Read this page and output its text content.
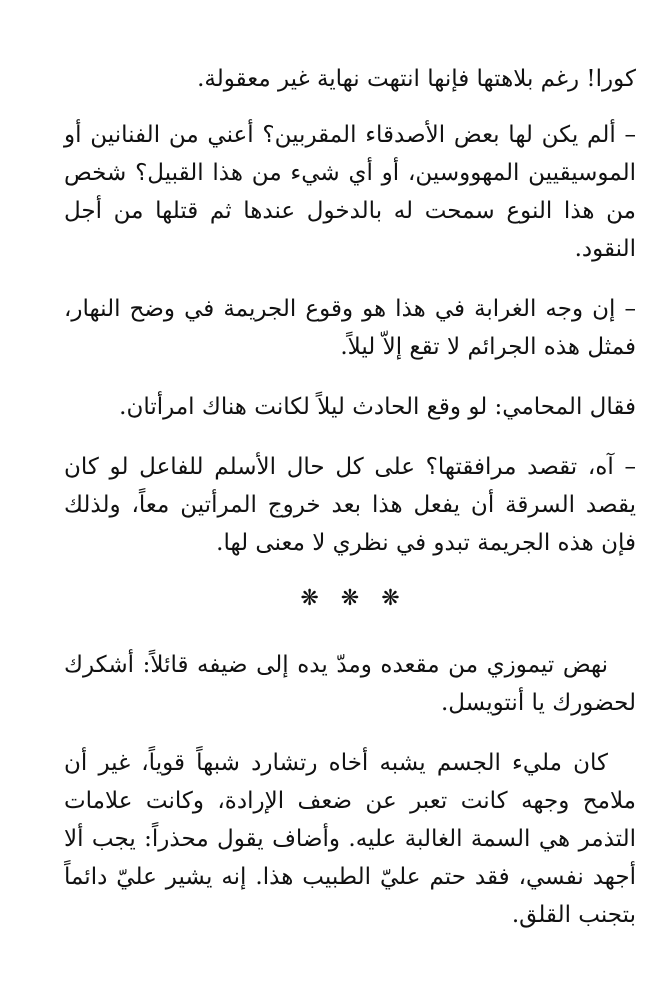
كورا! رغم بلاهتها فإنها انتهت نهاية غير معقولة.

– ألم يكن لها بعض الأصدقاء المقربين؟ أعني من الفنانين أو الموسيقيين المهووسين، أو أي شيء من هذا القبيل؟ شخص من هذا النوع سمحت له بالدخول عندها ثم قتلها من أجل النقود.

– إن وجه الغرابة في هذا هو وقوع الجريمة في وضح النهار، فمثل هذه الجرائم لا تقع إلاّ ليلاً.

فقال المحامي: لو وقع الحادث ليلاً لكانت هناك امرأتان.

– آه، تقصد مرافقتها؟ على كل حال الأسلم للفاعل لو كان يقصد السرقة أن يفعل هذا بعد خروج المرأتين معاً، ولذلك فإن هذه الجريمة تبدو في نظري لا معنى لها.

❋❋❋

نهض تيموزي من مقعده ومدّ يده إلى ضيفه قائلاً: أشكرك لحضورك يا أنتويسل.

كان مليء الجسم يشبه أخاه رتشارد شبهاً قوياً، غير أن ملامح وجهه كانت تعبر عن ضعف الإرادة، وكانت علامات التذمر هي السمة الغالبة عليه. وأضاف يقول محذراً: يجب ألا أجهد نفسي، فقد حتم عليّ الطبيب هذا. إنه يشير عليّ دائماً بتجنب القلق.
